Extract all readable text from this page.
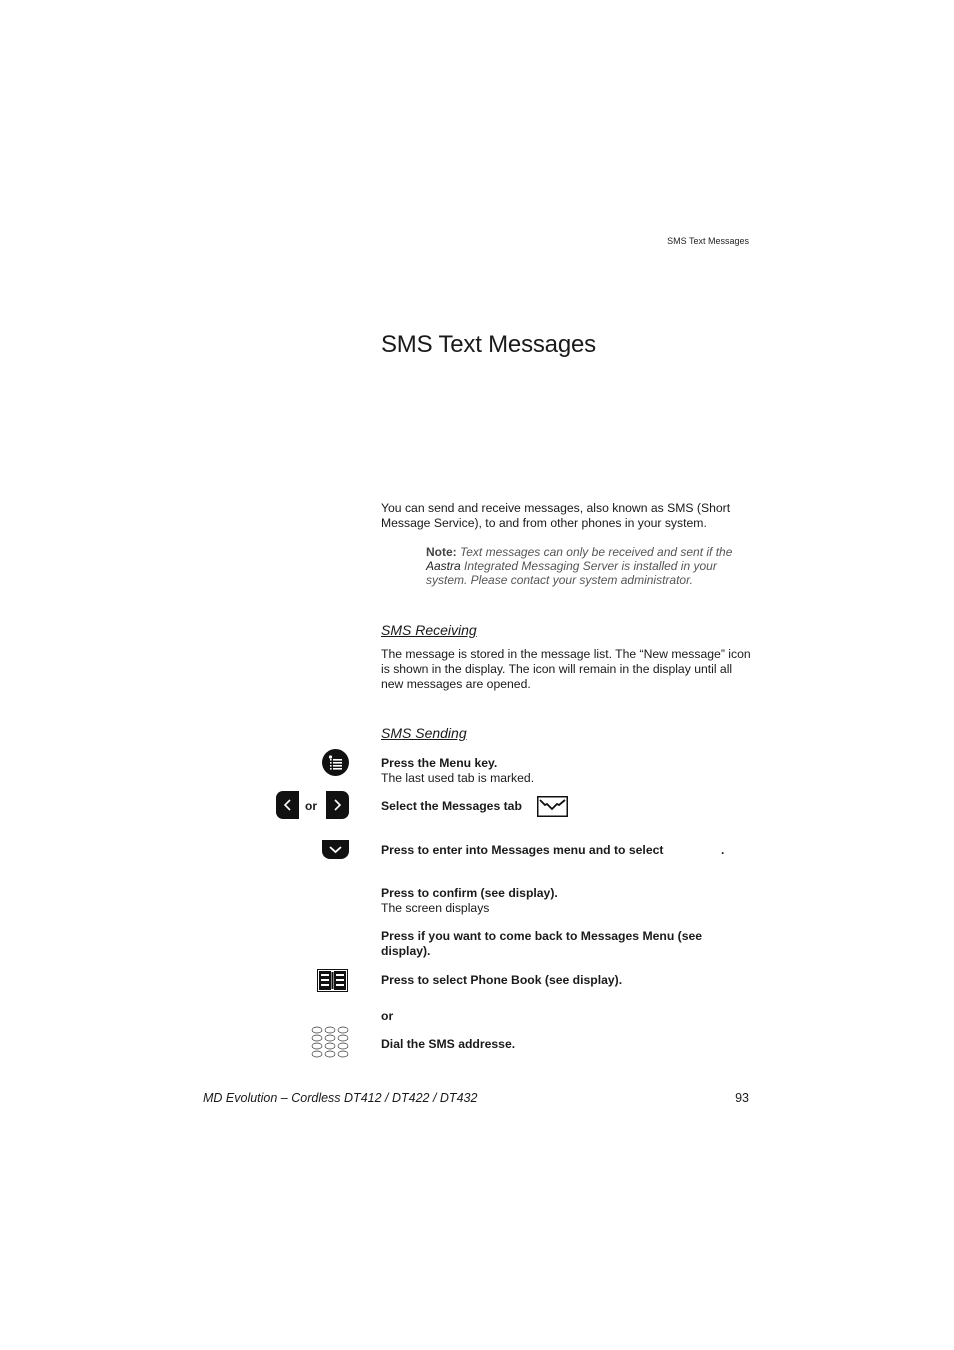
SMS Text Messages
SMS Text Messages
You can send and receive messages, also known as SMS (Short Message Service), to and from other phones in your system.
Note: Text messages can only be received and sent if the Aastra Integrated Messaging Server is installed in your system. Please contact your system administrator.
SMS Receiving
The message is stored in the message list. The “New message” icon is shown in the display. The icon will remain in the display until all new messages are opened.
SMS Sending
Press the Menu key.
The last used tab is marked.
or	Select the Messages tab
Press to enter into Messages menu and to select	.
Press to confirm (see display).
The screen displays
Press if you want to come back to Messages Menu (see display).
Press to select Phone Book (see display).
or
Dial the SMS addresse.
MD Evolution – Cordless DT412 / DT422 / DT432	93
